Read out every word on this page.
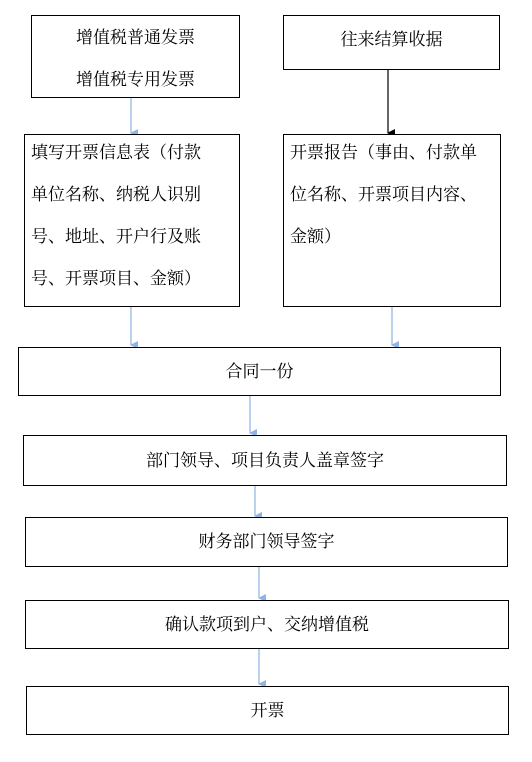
增值税普通发票
增值税专用发票
往来结算收据
填写开票信息表（付款
单位名称、纳税人识别
号、地址、开户行及账
号、开票项目、金额）
开票报告（事由、付款单
位名称、开票项目内容、
金额）
合同一份
部门领导、项目负责人盖章签字
财务部门领导签字
确认款项到户、交纳增值税
开票
